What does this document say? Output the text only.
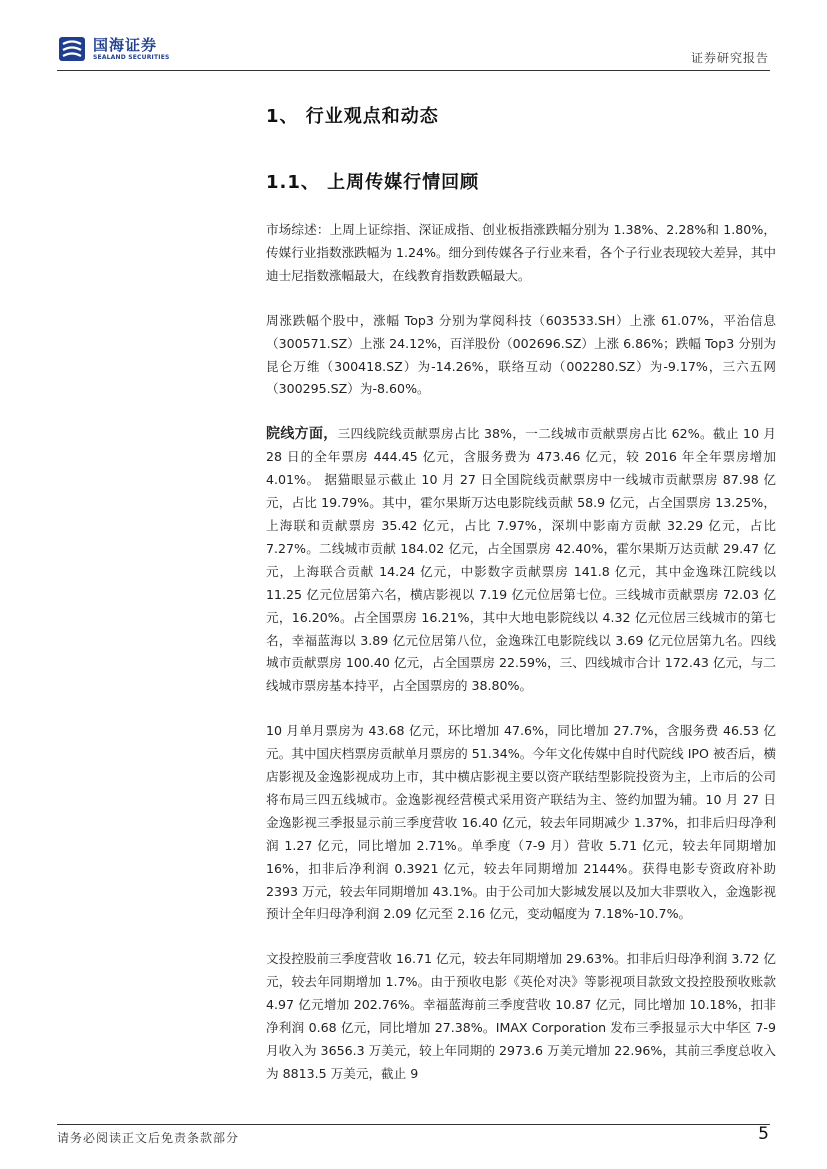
国海证券
SEALAND SECURITIES	证券研究报告
1、 行业观点和动态
1.1、 上周传媒行情回顾

市场综述：上周上证综指、深证成指、创业板指涨跌幅分别为 1.38%、2.28%和 1.80%，传媒行业指数涨跌幅为 1.24%。细分到传媒各子行业来看，各个子行业表现较大差异，其中迪士尼指数涨幅最大，在线教育指数跌幅最大。

周涨跌幅个股中，涨幅 Top3 分别为掌阅科技（603533.SH）上涨 61.07%，平治信息（300571.SZ）上涨 24.12%，百洋股份（002696.SZ）上涨 6.86%；跌幅 Top3 分别为昆仑万维（300418.SZ）为-14.26%，联络互动（002280.SZ）为-9.17%，三六五网（300295.SZ）为-8.60%。

院线方面，三四线院线贡献票房占比 38%，一二线城市贡献票房占比 62%。截止 10 月 28 日的全年票房 444.45 亿元，含服务费为 473.46 亿元，较 2016 年全年票房增加 4.01%。 据猫眼显示截止 10 月 27 日全国院线贡献票房中一线城市贡献票房 87.98 亿元，占比 19.79%。其中，霍尔果斯万达电影院线贡献 58.9 亿元，占全国票房 13.25%，上海联和贡献票房 35.42 亿元，占比 7.97%，深圳中影南方贡献 32.29 亿元，占比 7.27%。二线城市贡献 184.02 亿元，占全国票房 42.40%，霍尔果斯万达贡献 29.47 亿元，上海联合贡献 14.24 亿元，中影数字贡献票房 141.8 亿元，其中金逸珠江院线以 11.25 亿元位居第六名，横店影视以 7.19 亿元位居第七位。三线城市贡献票房 72.03 亿元，16.20%。占全国票房 16.21%，其中大地电影院线以 4.32 亿元位居三线城市的第七名，幸福蓝海以 3.89 亿元位居第八位，金逸珠江电影院线以 3.69 亿元位居第九名。四线城市贡献票房 100.40 亿元，占全国票房 22.59%，三、四线城市合计 172.43 亿元，与二线城市票房基本持平，占全国票房的 38.80%。

10 月单月票房为 43.68 亿元，环比增加 47.6%，同比增加 27.7%，含服务费 46.53 亿元。其中国庆档票房贡献单月票房的 51.34%。今年文化传媒中自时代院线 IPO 被否后，横店影视及金逸影视成功上市，其中横店影视主要以资产联结型影院投资为主，上市后的公司将布局三四五线城市。金逸影视经营模式采用资产联结为主、签约加盟为辅。10 月 27 日金逸影视三季报显示前三季度营收 16.40 亿元，较去年同期减少 1.37%，扣非后归母净利润 1.27 亿元，同比增加 2.71%。单季度（7-9 月）营收 5.71 亿元，较去年同期增加 16%，扣非后净利润 0.3921 亿元，较去年同期增加 2144%。获得电影专资政府补助 2393 万元，较去年同期增加 43.1%。由于公司加大影城发展以及加大非票收入，金逸影视预计全年归母净利润 2.09 亿元至 2.16 亿元，变动幅度为 7.18%-10.7%。

文投控股前三季度营收 16.71 亿元，较去年同期增加 29.63%。扣非后归母净利润 3.72 亿元，较去年同期增加 1.7%。由于预收电影《英伦对决》等影视项目款致文投控股预收账款 4.97 亿元增加 202.76%。幸福蓝海前三季度营收 10.87 亿元，同比增加 10.18%，扣非净利润 0.68 亿元，同比增加 27.38%。IMAX Corporation 发布三季报显示大中华区 7-9 月收入为 3656.3 万美元，较上年同期的 2973.6 万美元增加 22.96%，其前三季度总收入为 8813.5 万美元，截止 9

请务必阅读正文后免责条款部分	5
